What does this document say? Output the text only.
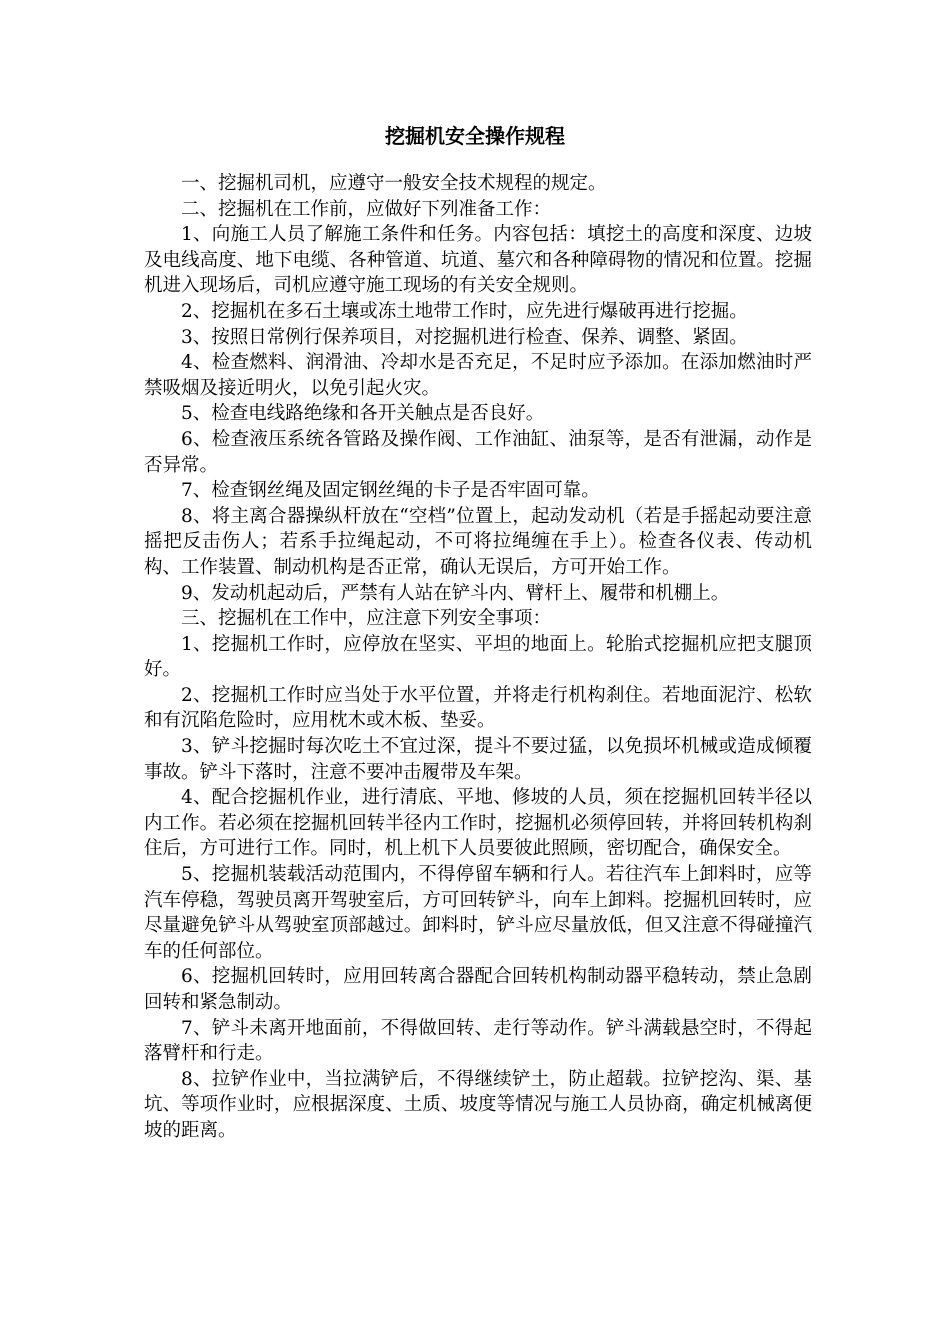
挖掘机安全操作规程

一、挖掘机司机，应遵守一般安全技术规程的规定。

二、挖掘机在工作前，应做好下列准备工作：

1、向施工人员了解施工条件和任务。内容包括：填挖土的高度和深度、边坡及电线高度、地下电缆、各种管道、坑道、墓穴和各种障碍物的情况和位置。挖掘机进入现场后，司机应遵守施工现场的有关安全规则。

2、挖掘机在多石土壤或冻土地带工作时，应先进行爆破再进行挖掘。

3、按照日常例行保养项目，对挖掘机进行检查、保养、调整、紧固。

4、检查燃料、润滑油、冷却水是否充足，不足时应予添加。在添加燃油时严禁吸烟及接近明火，以免引起火灾。

5、检查电线路绝缘和各开关触点是否良好。

6、检查液压系统各管路及操作阀、工作油缸、油泵等，是否有泄漏，动作是否异常。

7、检查钢丝绳及固定钢丝绳的卡子是否牢固可靠。

8、将主离合器操纵杆放在“空档”位置上，起动发动机（若是手摇起动要注意摇把反击伤人；若系手拉绳起动，不可将拉绳缠在手上）。检查各仪表、传动机构、工作装置、制动机构是否正常，确认无误后，方可开始工作。

9、发动机起动后，严禁有人站在铲斗内、臂杆上、履带和机棚上。

三、挖掘机在工作中，应注意下列安全事项：

1、挖掘机工作时，应停放在坚实、平坦的地面上。轮胎式挖掘机应把支腿顶好。

2、挖掘机工作时应当处于水平位置，并将走行机构刹住。若地面泥泞、松软和有沉陷危险时，应用枕木或木板、垫妥。

3、铲斗挖掘时每次吃土不宜过深，提斗不要过猛，以免损坏机械或造成倾覆事故。铲斗下落时，注意不要冲击履带及车架。

4、配合挖掘机作业，进行清底、平地、修坡的人员，须在挖掘机回转半径以内工作。若必须在挖掘机回转半径内工作时，挖掘机必须停回转，并将回转机构刹住后，方可进行工作。同时，机上机下人员要彼此照顾，密切配合，确保安全。

5、挖掘机装载活动范围内，不得停留车辆和行人。若往汽车上卸料时，应等汽车停稳，驾驶员离开驾驶室后，方可回转铲斗，向车上卸料。挖掘机回转时，应尽量避免铲斗从驾驶室顶部越过。卸料时，铲斗应尽量放低，但又注意不得碰撞汽车的任何部位。

6、挖掘机回转时，应用回转离合器配合回转机构制动器平稳转动，禁止急剧回转和紧急制动。

7、铲斗未离开地面前，不得做回转、走行等动作。铲斗满载悬空时，不得起落臂杆和行走。

8、拉铲作业中，当拉满铲后，不得继续铲土，防止超载。拉铲挖沟、渠、基坑、等项作业时，应根据深度、土质、坡度等情况与施工人员协商，确定机械离便坡的距离。
